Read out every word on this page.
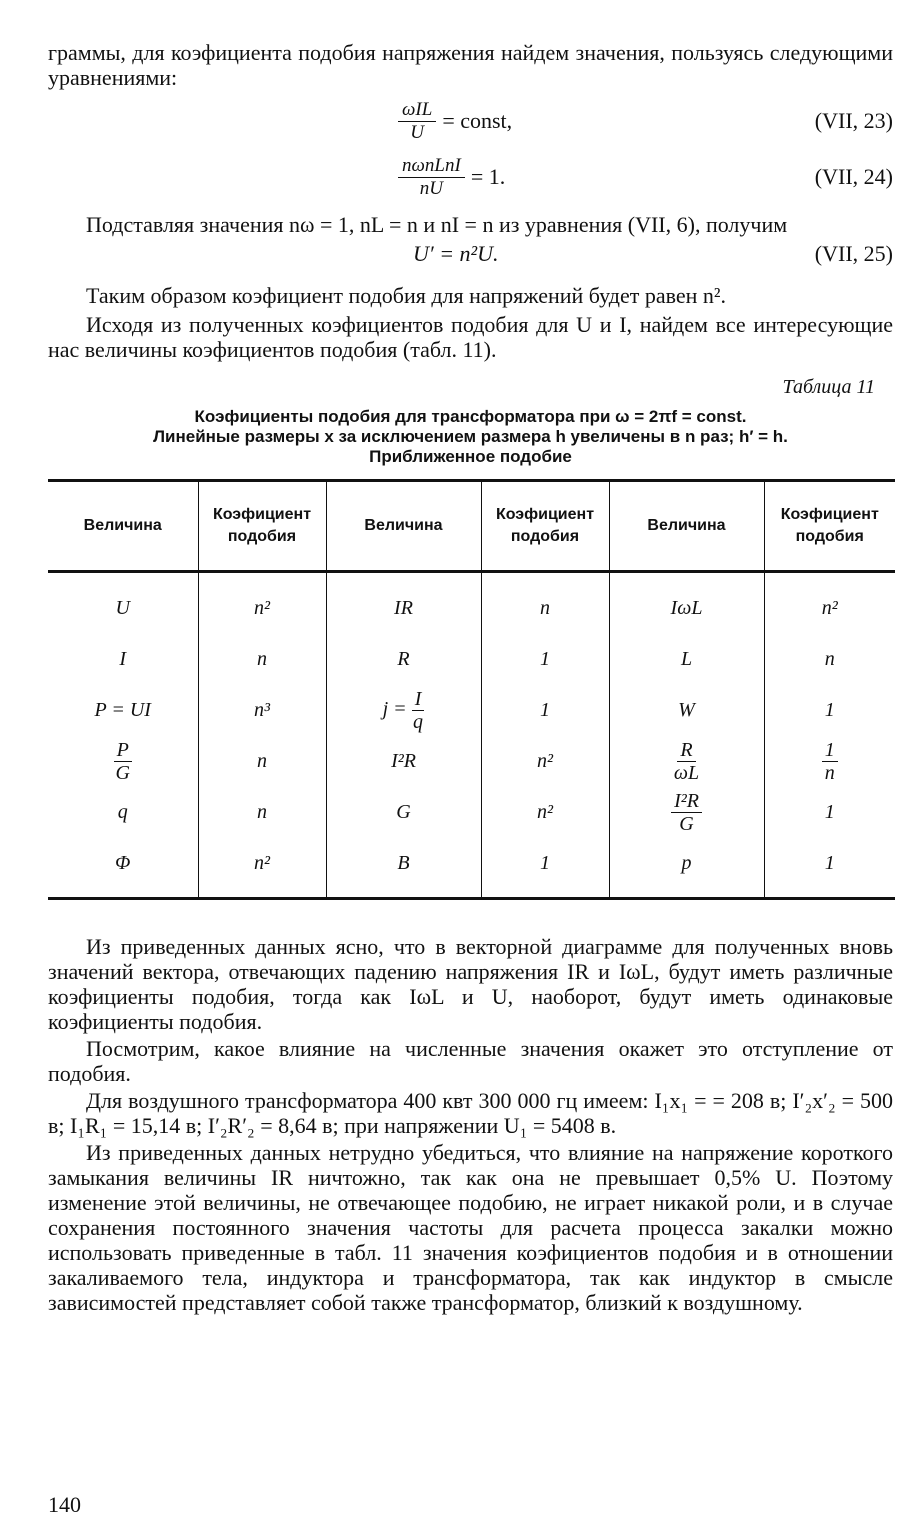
граммы, для коэфициента подобия напряжения найдем значения, пользуясь следующими уравнениями:

$\frac{\text{ωIL}}{U}$ = const,	(VII, 23)
$\frac{\text{nωnLnI}}{nU} = 1$.	(VII, 24)

Подставляя значения nω = 1, nL = n и nI = n из уравнения (VII, 6), получим

U′ = n²U.	(VII, 25)

Таким образом коэфициент подобия для напряжений будет равен n².

Исходя из полученных коэфициентов подобия для U и I, найдем все интересующие нас величины коэфициентов подобия (табл. 11).

Таблица 11

Коэфициенты подобия для трансформатора при ω = 2πf = const.

Линейные размеры x за исключением размера h увеличены в n раз; h′ = h.

Приближенное подобие

Величина	Коэфициент подобия	Величина	Коэфициент подобия	Величина	Коэфициент подобия
U	n²	IR	n	IωL	n²
I	n	R	1	L	n
P = UI	n³	$j = \frac{I}{q}$	1	W	1

$\frac{P}{G}$	n	I²R	n²	$\frac{R}{\omega L}$	$\frac{1}{n}$

q	n	G	n²	$\frac{\text{I²R}}{G}$	1
Φ	n²	B	1	p	1

Из приведенных данных ясно, что в векторной диаграмме для полученных вновь значений вектора, отвечающих падению напряжения IR и IωL, будут иметь различные коэфициенты подобия, тогда как IωL и U, наоборот, будут иметь одинаковые коэфициенты подобия.

Посмотрим, какое влияние на численные значения окажет это отступление от подобия.

Для воздушного трансформатора 400 квт 300 000 гц имеем: I₁x₁ = = 208 в; I′₂x′₂ = 500 в; I₁R₁ = 15,14 в; I′₂R′₂ = 8,64 в; при напряжении U₁ = 5408 в.

Из приведенных данных нетрудно убедиться, что влияние на напряжение короткого замыкания величины IR ничтожно, так как она не превышает 0,5% U. Поэтому изменение этой величины, не отвечающее подобию, не играет никакой роли, и в случае сохранения постоянного значения частоты для расчета процесса закалки можно использовать приведенные в табл. 11 значения коэфициентов подобия и в отношении закаливаемого тела, индуктора и трансформатора, так как индуктор в смысле зависимостей представляет собой также трансформатор, близкий к воздушному.

140
